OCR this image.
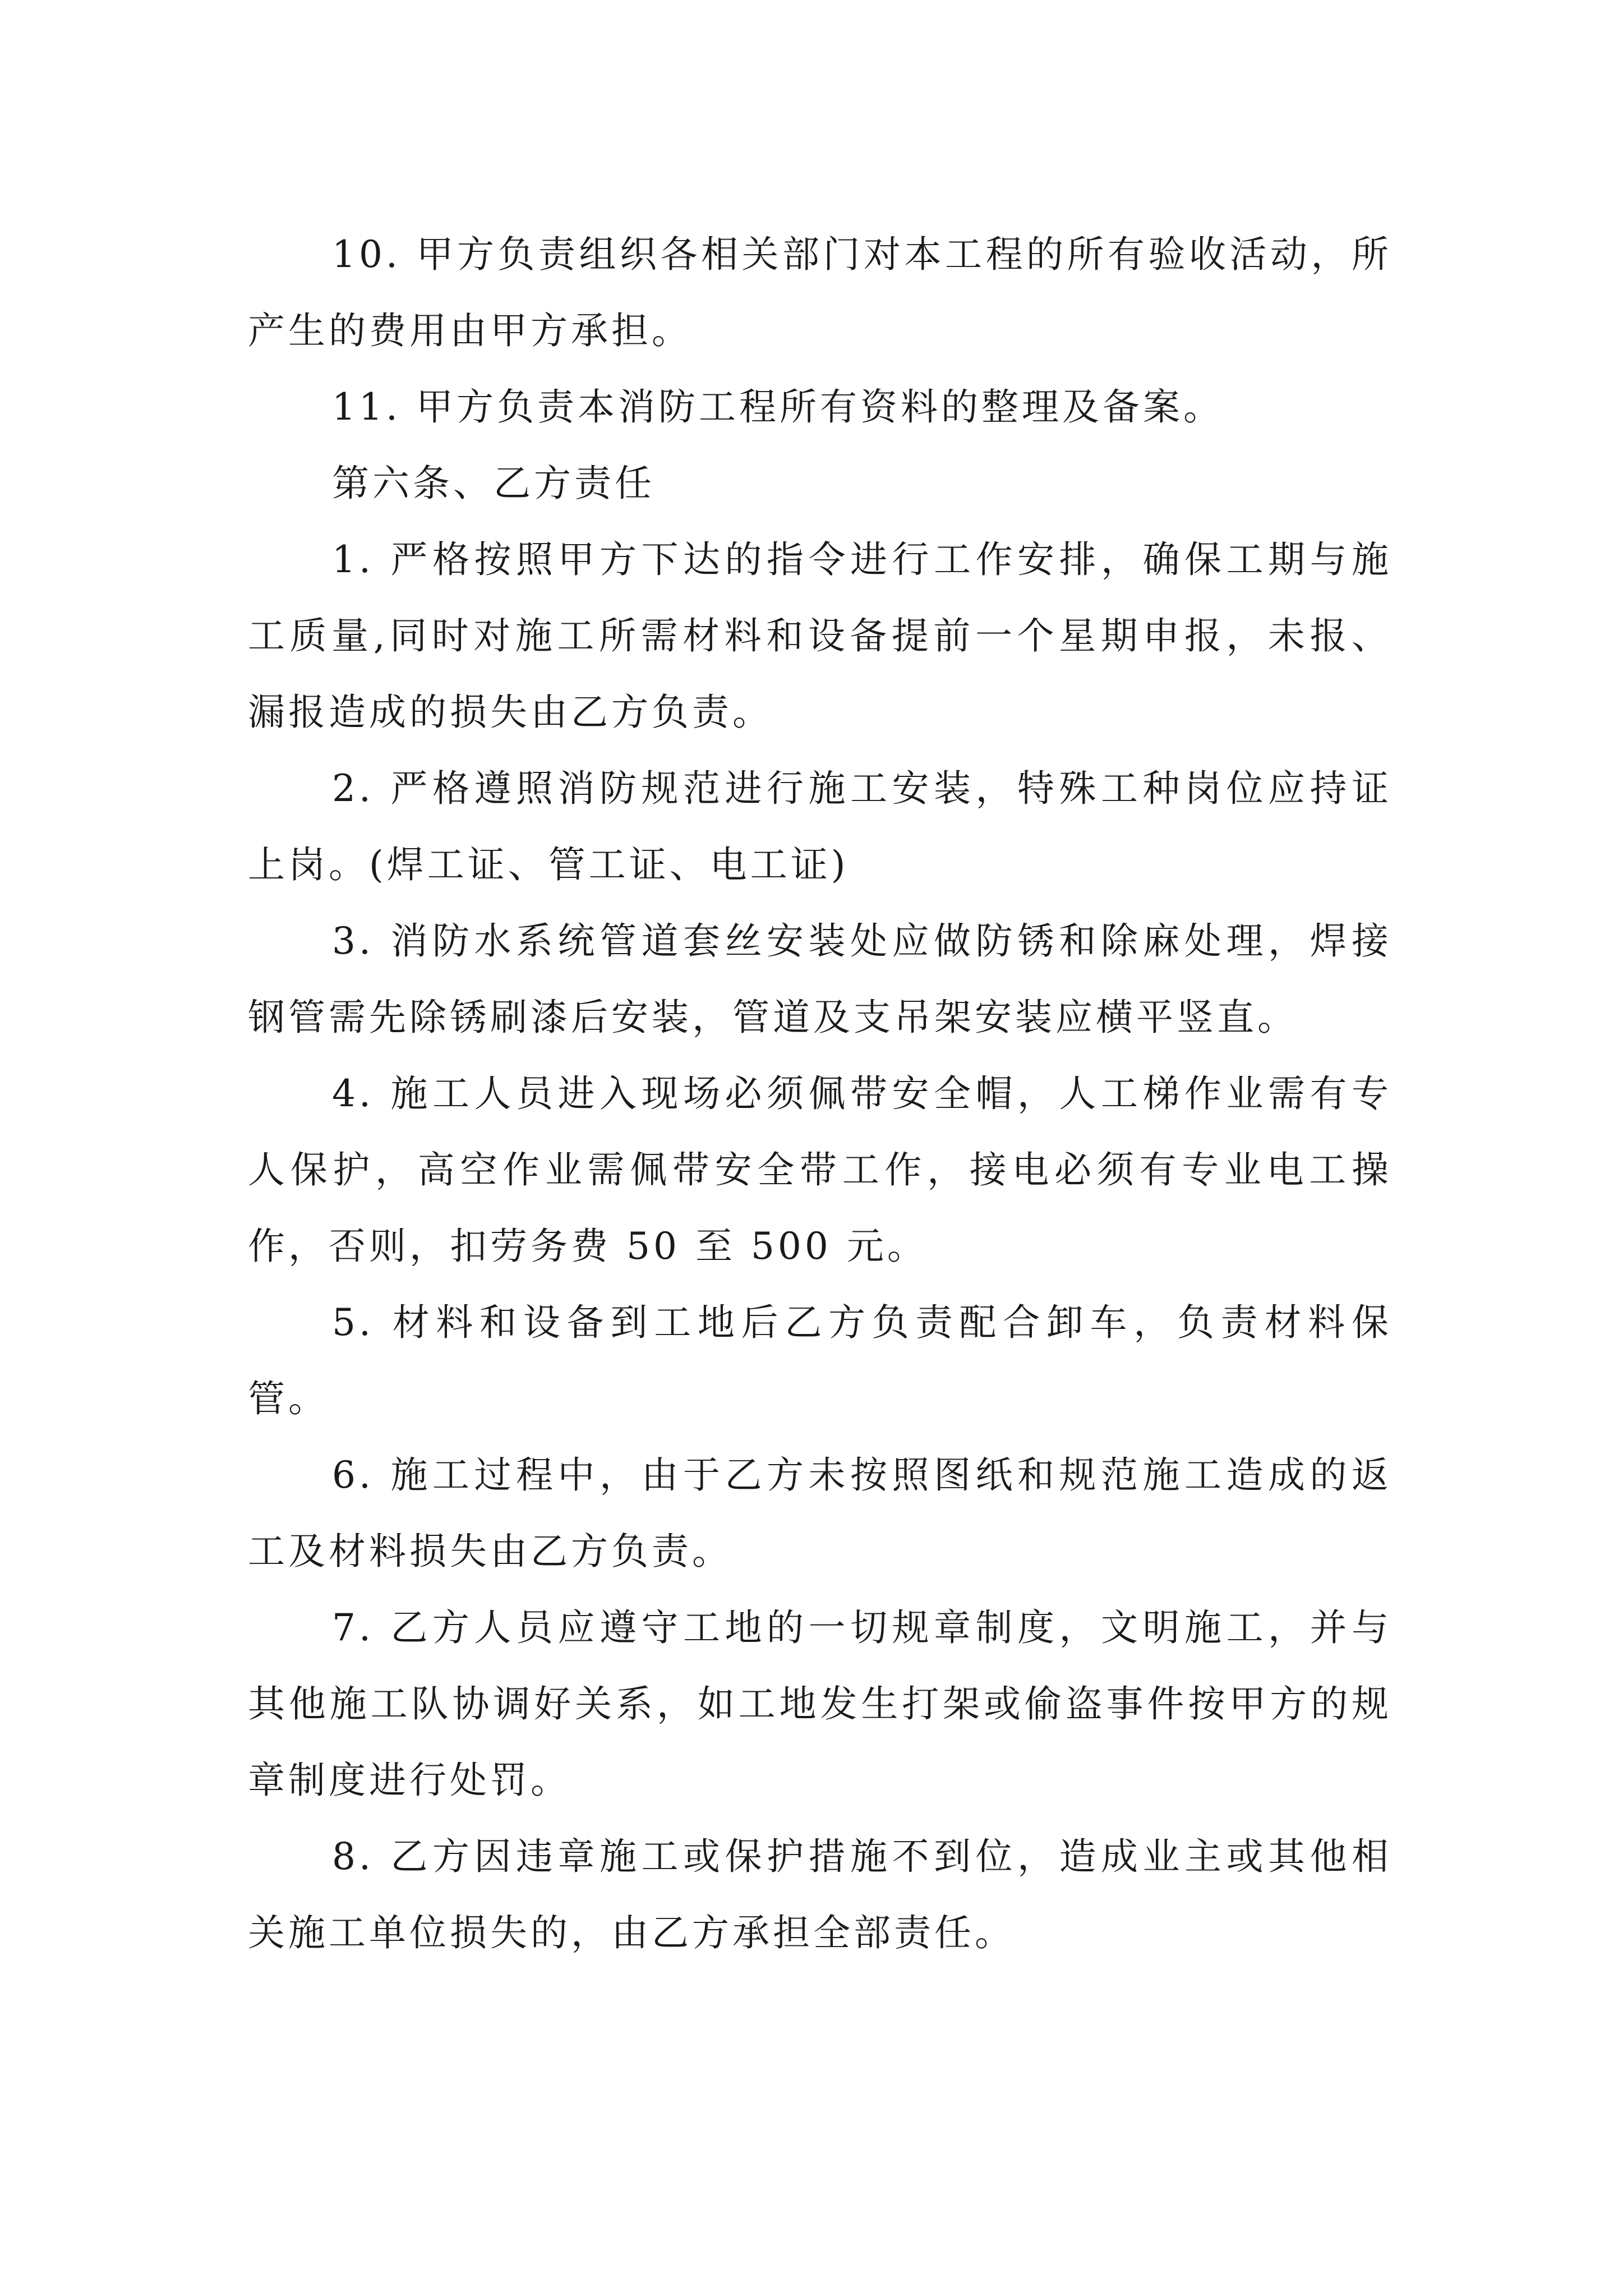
10. 甲方负责组织各相关部门对本工程的所有验收活动，所产生的费用由甲方承担。

11. 甲方负责本消防工程所有资料的整理及备案。

第六条、乙方责任

1. 严格按照甲方下达的指令进行工作安排，确保工期与施工质量,同时对施工所需材料和设备提前一个星期申报，未报、漏报造成的损失由乙方负责。

2. 严格遵照消防规范进行施工安装，特殊工种岗位应持证上岗。(焊工证、管工证、电工证)

3. 消防水系统管道套丝安装处应做防锈和除麻处理，焊接钢管需先除锈刷漆后安装，管道及支吊架安装应横平竖直。

4. 施工人员进入现场必须佩带安全帽，人工梯作业需有专人保护，高空作业需佩带安全带工作，接电必须有专业电工操作，否则，扣劳务费 50 至 500 元。

5. 材料和设备到工地后乙方负责配合卸车，负责材料保管。

6. 施工过程中，由于乙方未按照图纸和规范施工造成的返工及材料损失由乙方负责。

7. 乙方人员应遵守工地的一切规章制度，文明施工，并与其他施工队协调好关系，如工地发生打架或偷盗事件按甲方的规章制度进行处罚。

8. 乙方因违章施工或保护措施不到位，造成业主或其他相关施工单位损失的，由乙方承担全部责任。
